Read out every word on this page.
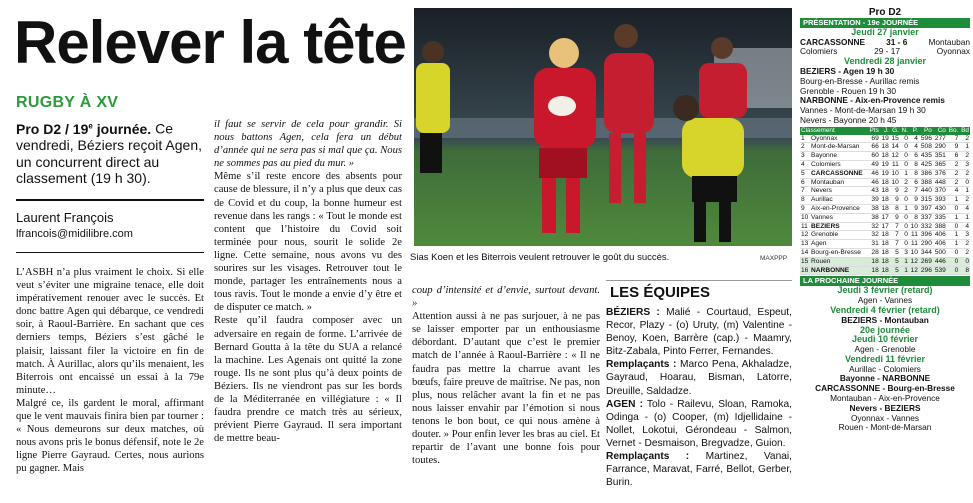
Relever la tête
RUGBY À XV
Pro D2 / 19e journée. Ce vendredi, Béziers reçoit Agen, un concurrent direct au classement (19 h 30).
Laurent François
lfrancois@midilibre.com

L’ASBH n’a plus vraiment le choix. Si elle veut s’éviter une migraine tenace, elle doit impérativement renouer avec le succès. Et donc battre Agen qui débarque, ce vendredi soir, à Raoul-Barrière. En sachant que ces derniers temps, Béziers s’est gâché le plaisir, laissant filer la victoire en fin de match. À Aurillac, alors qu’ils menaient, les Biterrois ont encaissé un essai à la 79e minute…

Malgré ce, ils gardent le moral, affirmant que le vent mauvais finira bien par tourner : « Nous demeurons sur deux matches, où nous avons pris le bonus défensif, note le 2e ligne Pierre Gayraud. Certes, nous aurions pu gagner. Mais

il faut se servir de cela pour grandir. Si nous battons Agen, cela fera un début d’année qui ne sera pas si mal que ça. Nous ne sommes pas au pied du mur. »

Même s’il reste encore des absents pour cause de blessure, il n’y a plus que deux cas de Covid et du coup, la bonne humeur est revenue dans les rangs : « Tout le monde est content que l’histoire du Covid soit terminée pour nous, sourit le solide 2e ligne. Cette semaine, nous avons vu des sourires sur les visages. Retrouver tout le monde, partager les entraînements nous a tous ravis. Tout le monde a envie d’y être et de disputer ce match. »

Reste qu’il faudra composer avec un adversaire en regain de forme. L’arrivée de Bernard Goutta à la tête du SUA a relancé la machine. Les Agenais ont quitté la zone rouge. Ils ne sont plus qu’à deux points de Béziers. Ils ne viendront pas sur les bords de la Méditerranée en villégiature : « Il faudra prendre ce match très au sérieux, prévient Pierre Gayraud. Il sera important de mettre beau-

coup d’intensité et d’envie, surtout devant. »

Attention aussi à ne pas surjouer, à ne pas se laisser emporter par un enthousiasme débordant. D’autant que c’est le premier match de l’année à Raoul-Barrière : « Il ne faudra pas mettre la charrue avant les bœufs, faire preuve de maîtrise. Ne pas, non plus, nous relâcher avant la fin et ne pas nous laisser envahir par l’émotion si nous tenons le bon bout, ce qui nous amène à douter. » Pour enfin lever les bras au ciel. Et repartir de l’avant une bonne fois pour toutes.

Sias Koen et les Biterrois veulent retrouver le goût du succès.	MAXPPP
LES ÉQUIPES

BÉZIERS : Malié - Courtaud, Espeut, Recor, Plazy - (o) Uruty, (m) Valentine - Benoy, Koen, Barrère (cap.) - Maamry, Bitz-Zabala, Pinto Ferrer, Fernandes.

Remplaçants : Marco Pena, Akhaladze, Gayraud, Hoarau, Bisman, Latorre, Dreuille, Saldadze.

AGEN : Tolo - Railevu, Sloan, Ramoka, Odinga - (o) Cooper, (m) Idjellidaine - Nollet, Lokotui, Gérondeau - Salmon, Vernet - Desmaison, Bregvadze, Guion.

Remplaçants : Martinez, Vanai, Farrance, Maravat, Farré, Bellot, Gerber, Burin.

Pro D2
PRÉSENTATION - 19e JOURNÉE
Jeudi 27 janvier
CARCASSONNE	31 - 6	Montauban
Colomiers	29 - 17	Oyonnax
Vendredi 28 janvier
BEZIERS - Agen 19 h 30
Bourg-en-Bresse - Aurillac remis
Grenoble - Rouen 19 h 30
NARBONNE - Aix-en-Provence remis
Vannes - Mont-de-Marsan 19 h 30
Nevers - Bayonne 20 h 45
Classement		Pts	J.	G.	N.	P.	Po	Co	Bo.	Bd
1	Oyonnax	69	19	15	0	4	596	277	7	2
2	Mont-de-Marsan	66	18	14	0	4	508	290	9	1
3	Bayonne	60	18	12	0	6	435	351	6	2
4	Colomiers	49	19	11	0	8	425	365	2	3
5	CARCASSONNE	46	19	10	1	8	386	376	2	2
6	Montauban	46	18	10	2	6	388	448	2	0
7	Nevers	43	18	9	2	7	440	370	4	1
8	Aurillac	39	18	9	0	9	315	393	1	2
9	Aix-en-Provence	38	18	8	1	9	397	430	0	4
10	Vannes	38	17	9	0	8	337	335	1	1
11	BEZIERS	32	17	7	0	10	332	388	0	4
12	Grenoble	32	18	7	0	11	396	406	1	3
13	Agen	31	18	7	0	11	290	406	1	2
14	Bourg-en-Bresse	28	18	5	3	10	344	500	0	2
15	Rouen	18	18	5	1	12	269	446	0	0
16	NARBONNE	18	18	5	1	12	296	539	0	8
LA PROCHAINE JOURNÉE
Jeudi 3 février (retard)
Agen - Vannes
Vendredi 4 février (retard)
BEZIERS - Montauban
20e journée
Jeudi 10 février
Agen - Grenoble
Vendredi 11 février
Aurillac - Colomiers
Bayonne - NARBONNE
CARCASSONNE - Bourg-en-Bresse
Montauban - Aix-en-Provence
Nevers - BEZIERS
Oyonnax - Vannes
Rouen - Mont-de-Marsan
